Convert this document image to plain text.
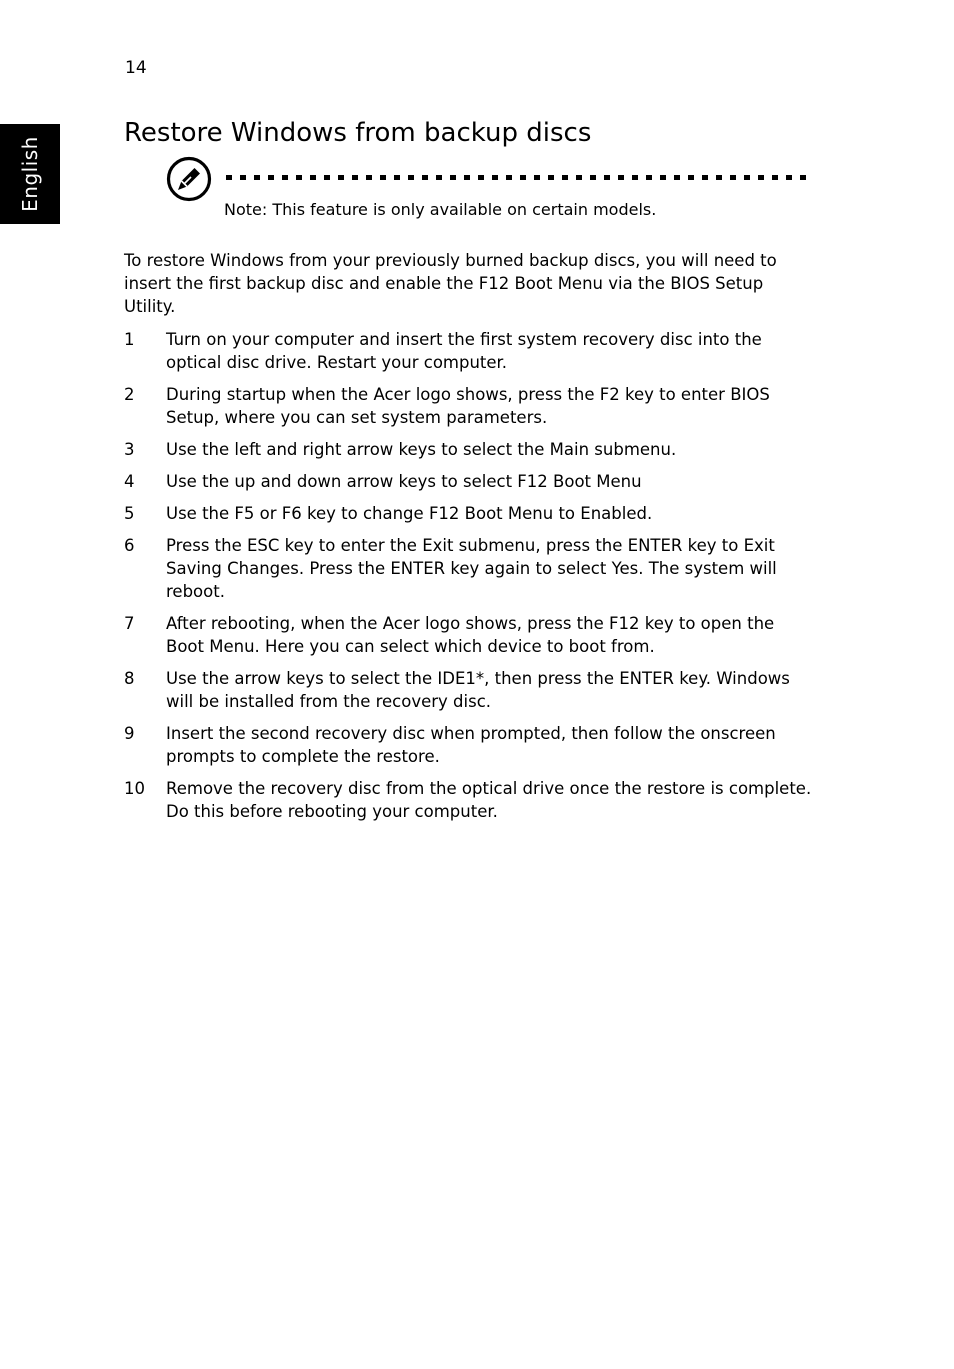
14
English
Restore Windows from backup discs
Note: This feature is only available on certain models.

To restore Windows from your previously burned backup discs, you will need to insert the first backup disc and enable the F12 Boot Menu via the BIOS Setup Utility.

1	Turn on your computer and insert the first system recovery disc into the optical disc drive. Restart your computer.
2	During startup when the Acer logo shows, press the F2 key to enter BIOS Setup, where you can set system parameters.
3	Use the left and right arrow keys to select the Main submenu.
4	Use the up and down arrow keys to select F12 Boot Menu
5	Use the F5 or F6 key to change F12 Boot Menu to Enabled.
6	Press the ESC key to enter the Exit submenu, press the ENTER key to Exit Saving Changes. Press the ENTER key again to select Yes. The system will reboot.
7	After rebooting, when the Acer logo shows, press the F12 key to open the Boot Menu. Here you can select which device to boot from.
8	Use the arrow keys to select the IDE1*, then press the ENTER key. Windows will be installed from the recovery disc.
9	Insert the second recovery disc when prompted, then follow the onscreen prompts to complete the restore.
10	Remove the recovery disc from the optical drive once the restore is complete. Do this before rebooting your computer.
